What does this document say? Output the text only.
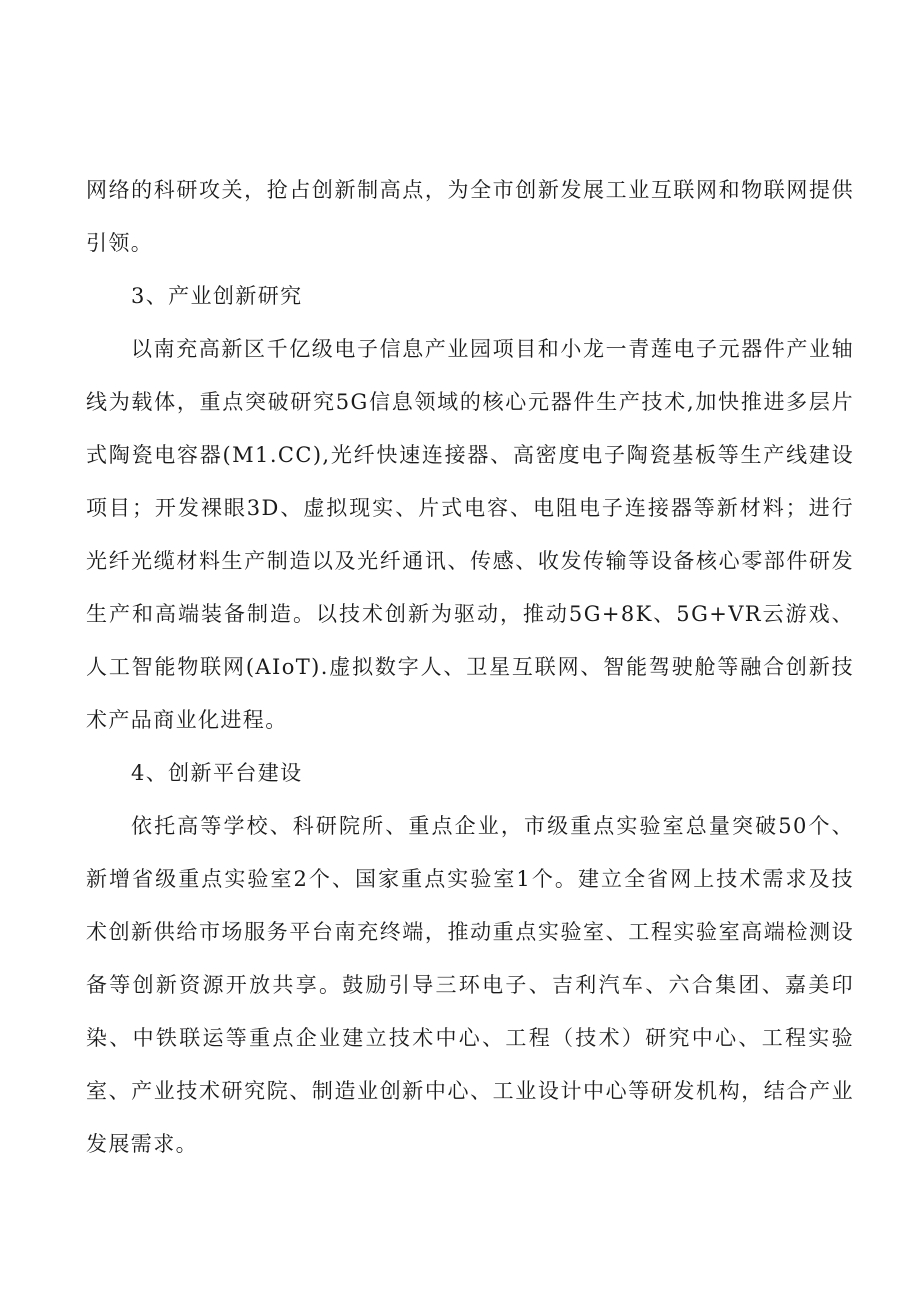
网络的科研攻关，抢占创新制高点，为全市创新发展工业互联网和物联网提供引领。

3、产业创新研究

以南充高新区千亿级电子信息产业园项目和小龙一青莲电子元器件产业轴线为载体，重点突破研究5G信息领域的核心元器件生产技术,加快推进多层片式陶瓷电容器(M1.CC),光纤快速连接器、高密度电子陶瓷基板等生产线建设项目；开发裸眼3D、虚拟现实、片式电容、电阻电子连接器等新材料；进行光纤光缆材料生产制造以及光纤通讯、传感、收发传输等设备核心零部件研发生产和高端装备制造。以技术创新为驱动，推动5G+8K、5G+VR云游戏、人工智能物联网(AIoT).虚拟数字人、卫星互联网、智能驾驶舱等融合创新技术产品商业化进程。

4、创新平台建设

依托高等学校、科研院所、重点企业，市级重点实验室总量突破50个、新增省级重点实验室2个、国家重点实验室1个。建立全省网上技术需求及技术创新供给市场服务平台南充终端，推动重点实验室、工程实验室高端检测设备等创新资源开放共享。鼓励引导三环电子、吉利汽车、六合集团、嘉美印染、中铁联运等重点企业建立技术中心、工程（技术）研究中心、工程实验室、产业技术研究院、制造业创新中心、工业设计中心等研发机构，结合产业发展需求。
